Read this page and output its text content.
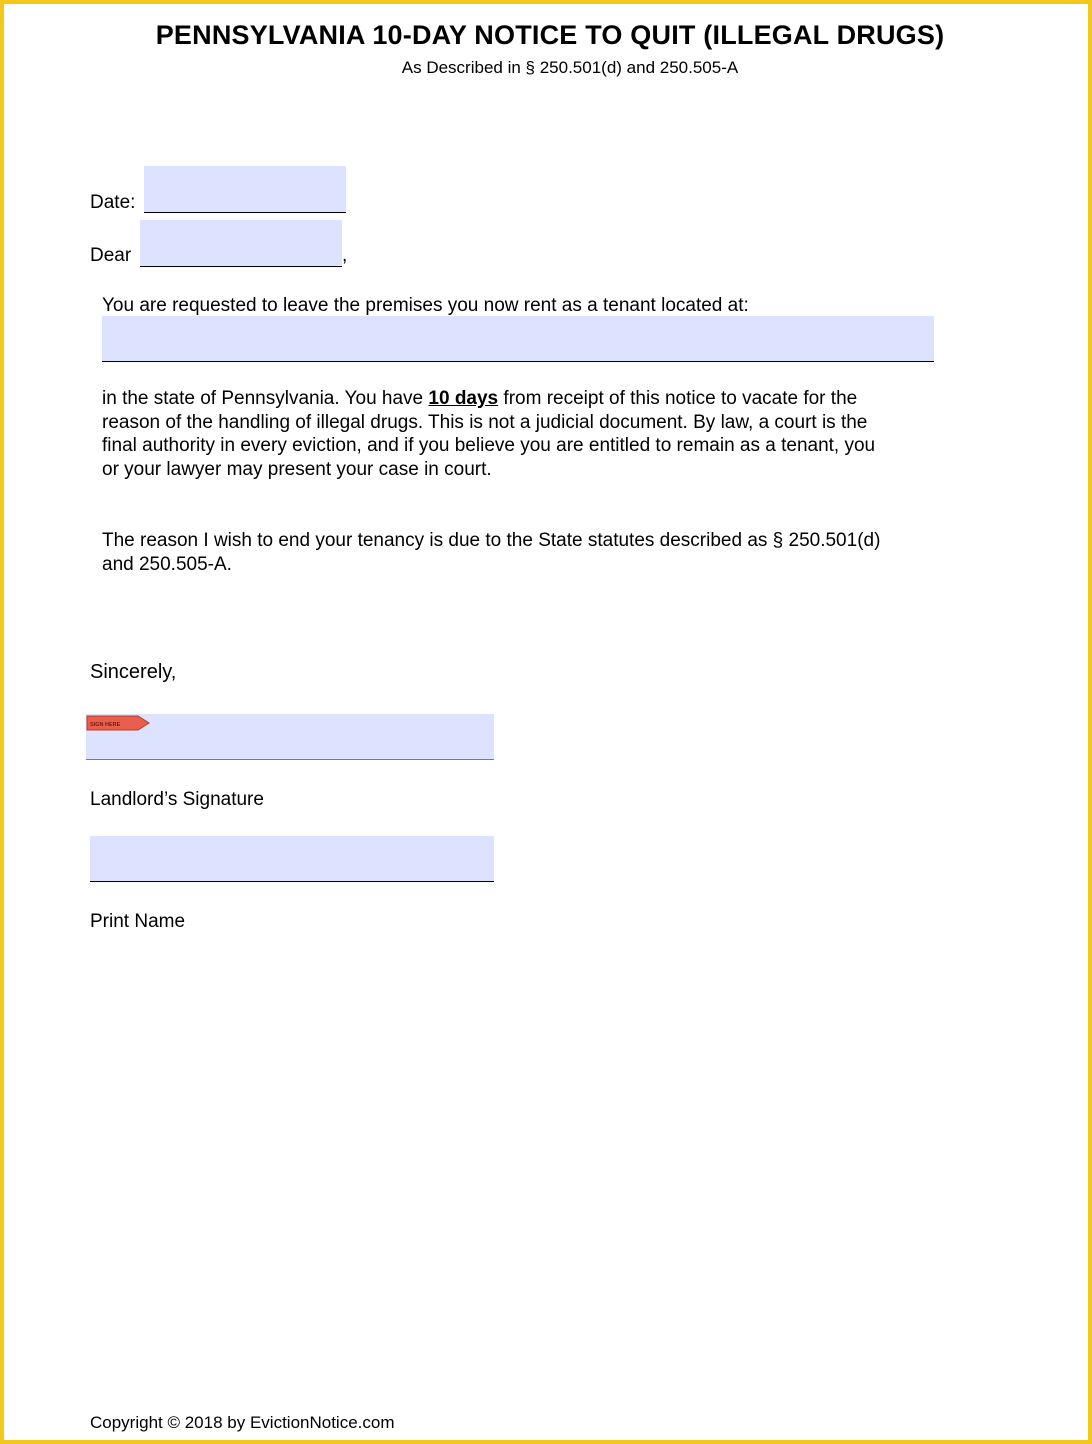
PENNSYLVANIA 10-DAY NOTICE TO QUIT (ILLEGAL DRUGS)
As Described in § 250.501(d) and 250.505-A
Date:
Dear	,
You are requested to leave the premises you now rent as a tenant located at:
in the state of Pennsylvania. You have 10 days from receipt of this notice to vacate for the
reason of the handling of illegal drugs. This is not a judicial document. By law, a court is the
final authority in every eviction, and if you believe you are entitled to remain as a tenant, you
or your lawyer may present your case in court.
The reason I wish to end your tenancy is due to the State statutes described as § 250.501(d)
and 250.505-A.
Sincerely,
SIGN HERE
Landlord’s Signature
Print Name
Copyright © 2018 by EvictionNotice.com
